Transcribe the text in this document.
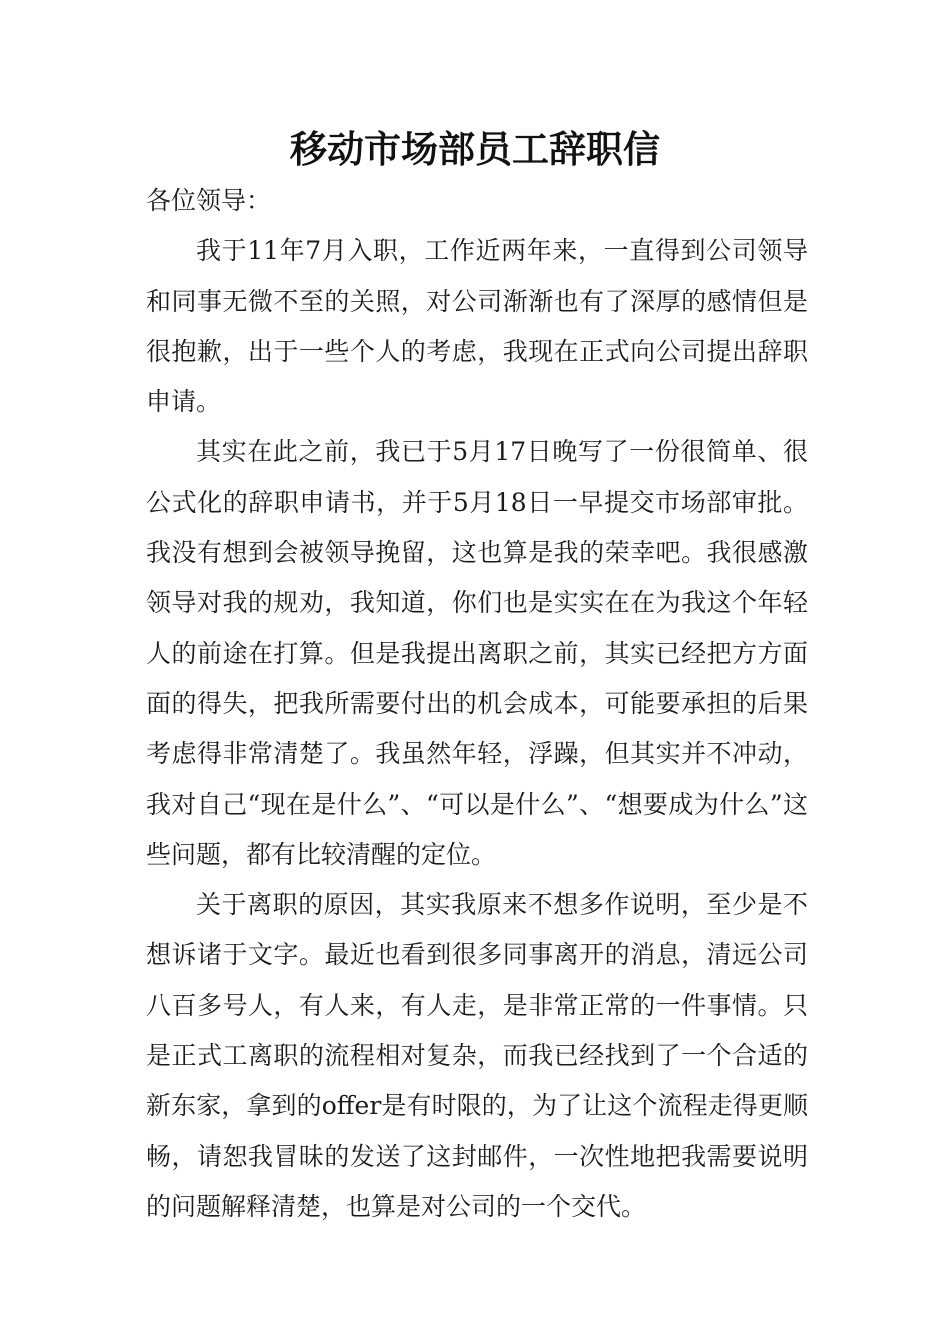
移动市场部员工辞职信

各位领导：

我于11年7月入职，工作近两年来，一直得到公司领导和同事无微不至的关照，对公司渐渐也有了深厚的感情但是很抱歉，出于一些个人的考虑，我现在正式向公司提出辞职申请。

其实在此之前，我已于5月17日晚写了一份很简单、很公式化的辞职申请书，并于5月18日一早提交市场部审批。我没有想到会被领导挽留，这也算是我的荣幸吧。我很感激领导对我的规劝，我知道，你们也是实实在在为我这个年轻人的前途在打算。但是我提出离职之前，其实已经把方方面面的得失，把我所需要付出的机会成本，可能要承担的后果考虑得非常清楚了。我虽然年轻，浮躁，但其实并不冲动，我对自己“现在是什么”、“可以是什么”、“想要成为什么”这些问题，都有比较清醒的定位。

关于离职的原因，其实我原来不想多作说明，至少是不想诉诸于文字。最近也看到很多同事离开的消息，清远公司八百多号人，有人来，有人走，是非常正常的一件事情。只是正式工离职的流程相对复杂，而我已经找到了一个合适的新东家，拿到的offer是有时限的，为了让这个流程走得更顺畅，请恕我冒昧的发送了这封邮件，一次性地把我需要说明的问题解释清楚，也算是对公司的一个交代。
